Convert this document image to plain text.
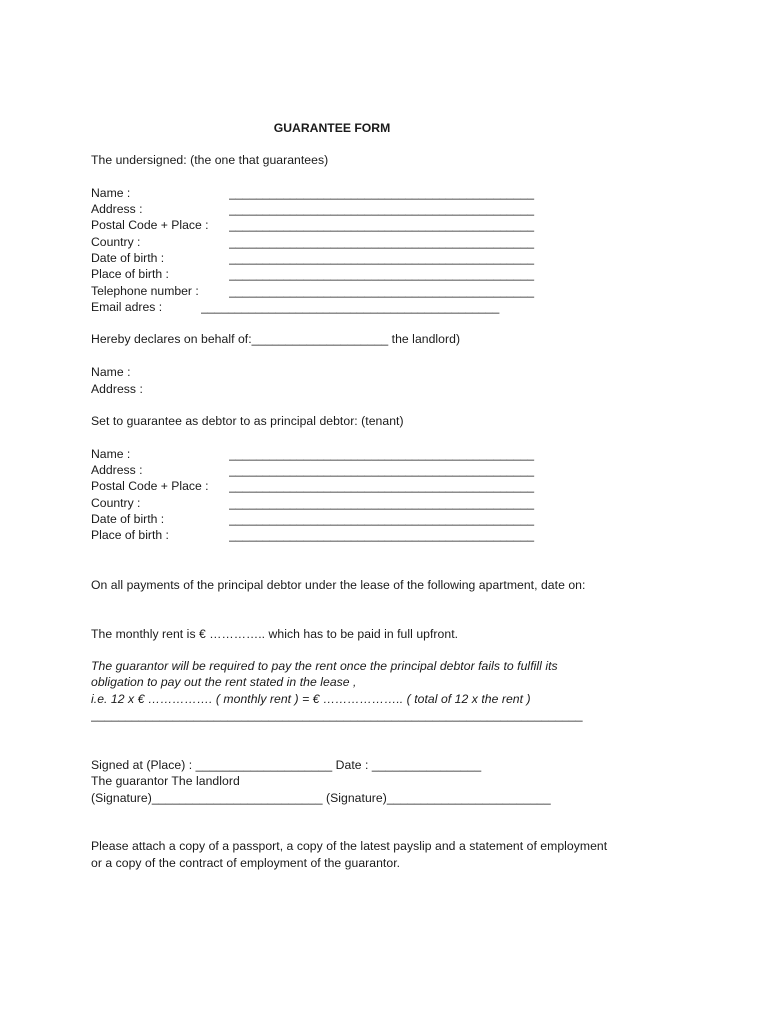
GUARANTEE FORM
The undersigned: (the one that guarantees)
Name :	_____________________________________________
Address :	_____________________________________________
Postal Code + Place : _____________________________________________
Country :	_____________________________________________
Date of birth :	_____________________________________________
Place of birth :	_____________________________________________
Telephone number : _____________________________________________
Email adres :	____________________________________________
Hereby declares on behalf of:____________________ the landlord)
Name :
Address :
Set to guarantee as debtor to as principal debtor: (tenant)
Name :	_____________________________________________
Address :	_____________________________________________
Postal Code + Place : _____________________________________________
Country :	_____________________________________________
Date of birth :	_____________________________________________
Place of birth :	_____________________________________________
On all payments of the principal debtor under the lease of the following apartment, date on:
The monthly rent is € ………….. which has to be paid in full upfront.
The guarantor will be required to pay the rent once the principal debtor fails to fulfill its
obligation to pay out the rent stated in the lease ,
i.e. 12 x € ……………. ( monthly rent ) = € ……………….. ( total of 12 x the rent )
________________________________________________________________________
Signed at (Place) : ____________________ Date : ________________
The guarantor The landlord
(Signature)_________________________ (Signature)________________________
Please attach a copy of a passport, a copy of the latest payslip and a statement of employment
or a copy of the contract of employment of the guarantor.
